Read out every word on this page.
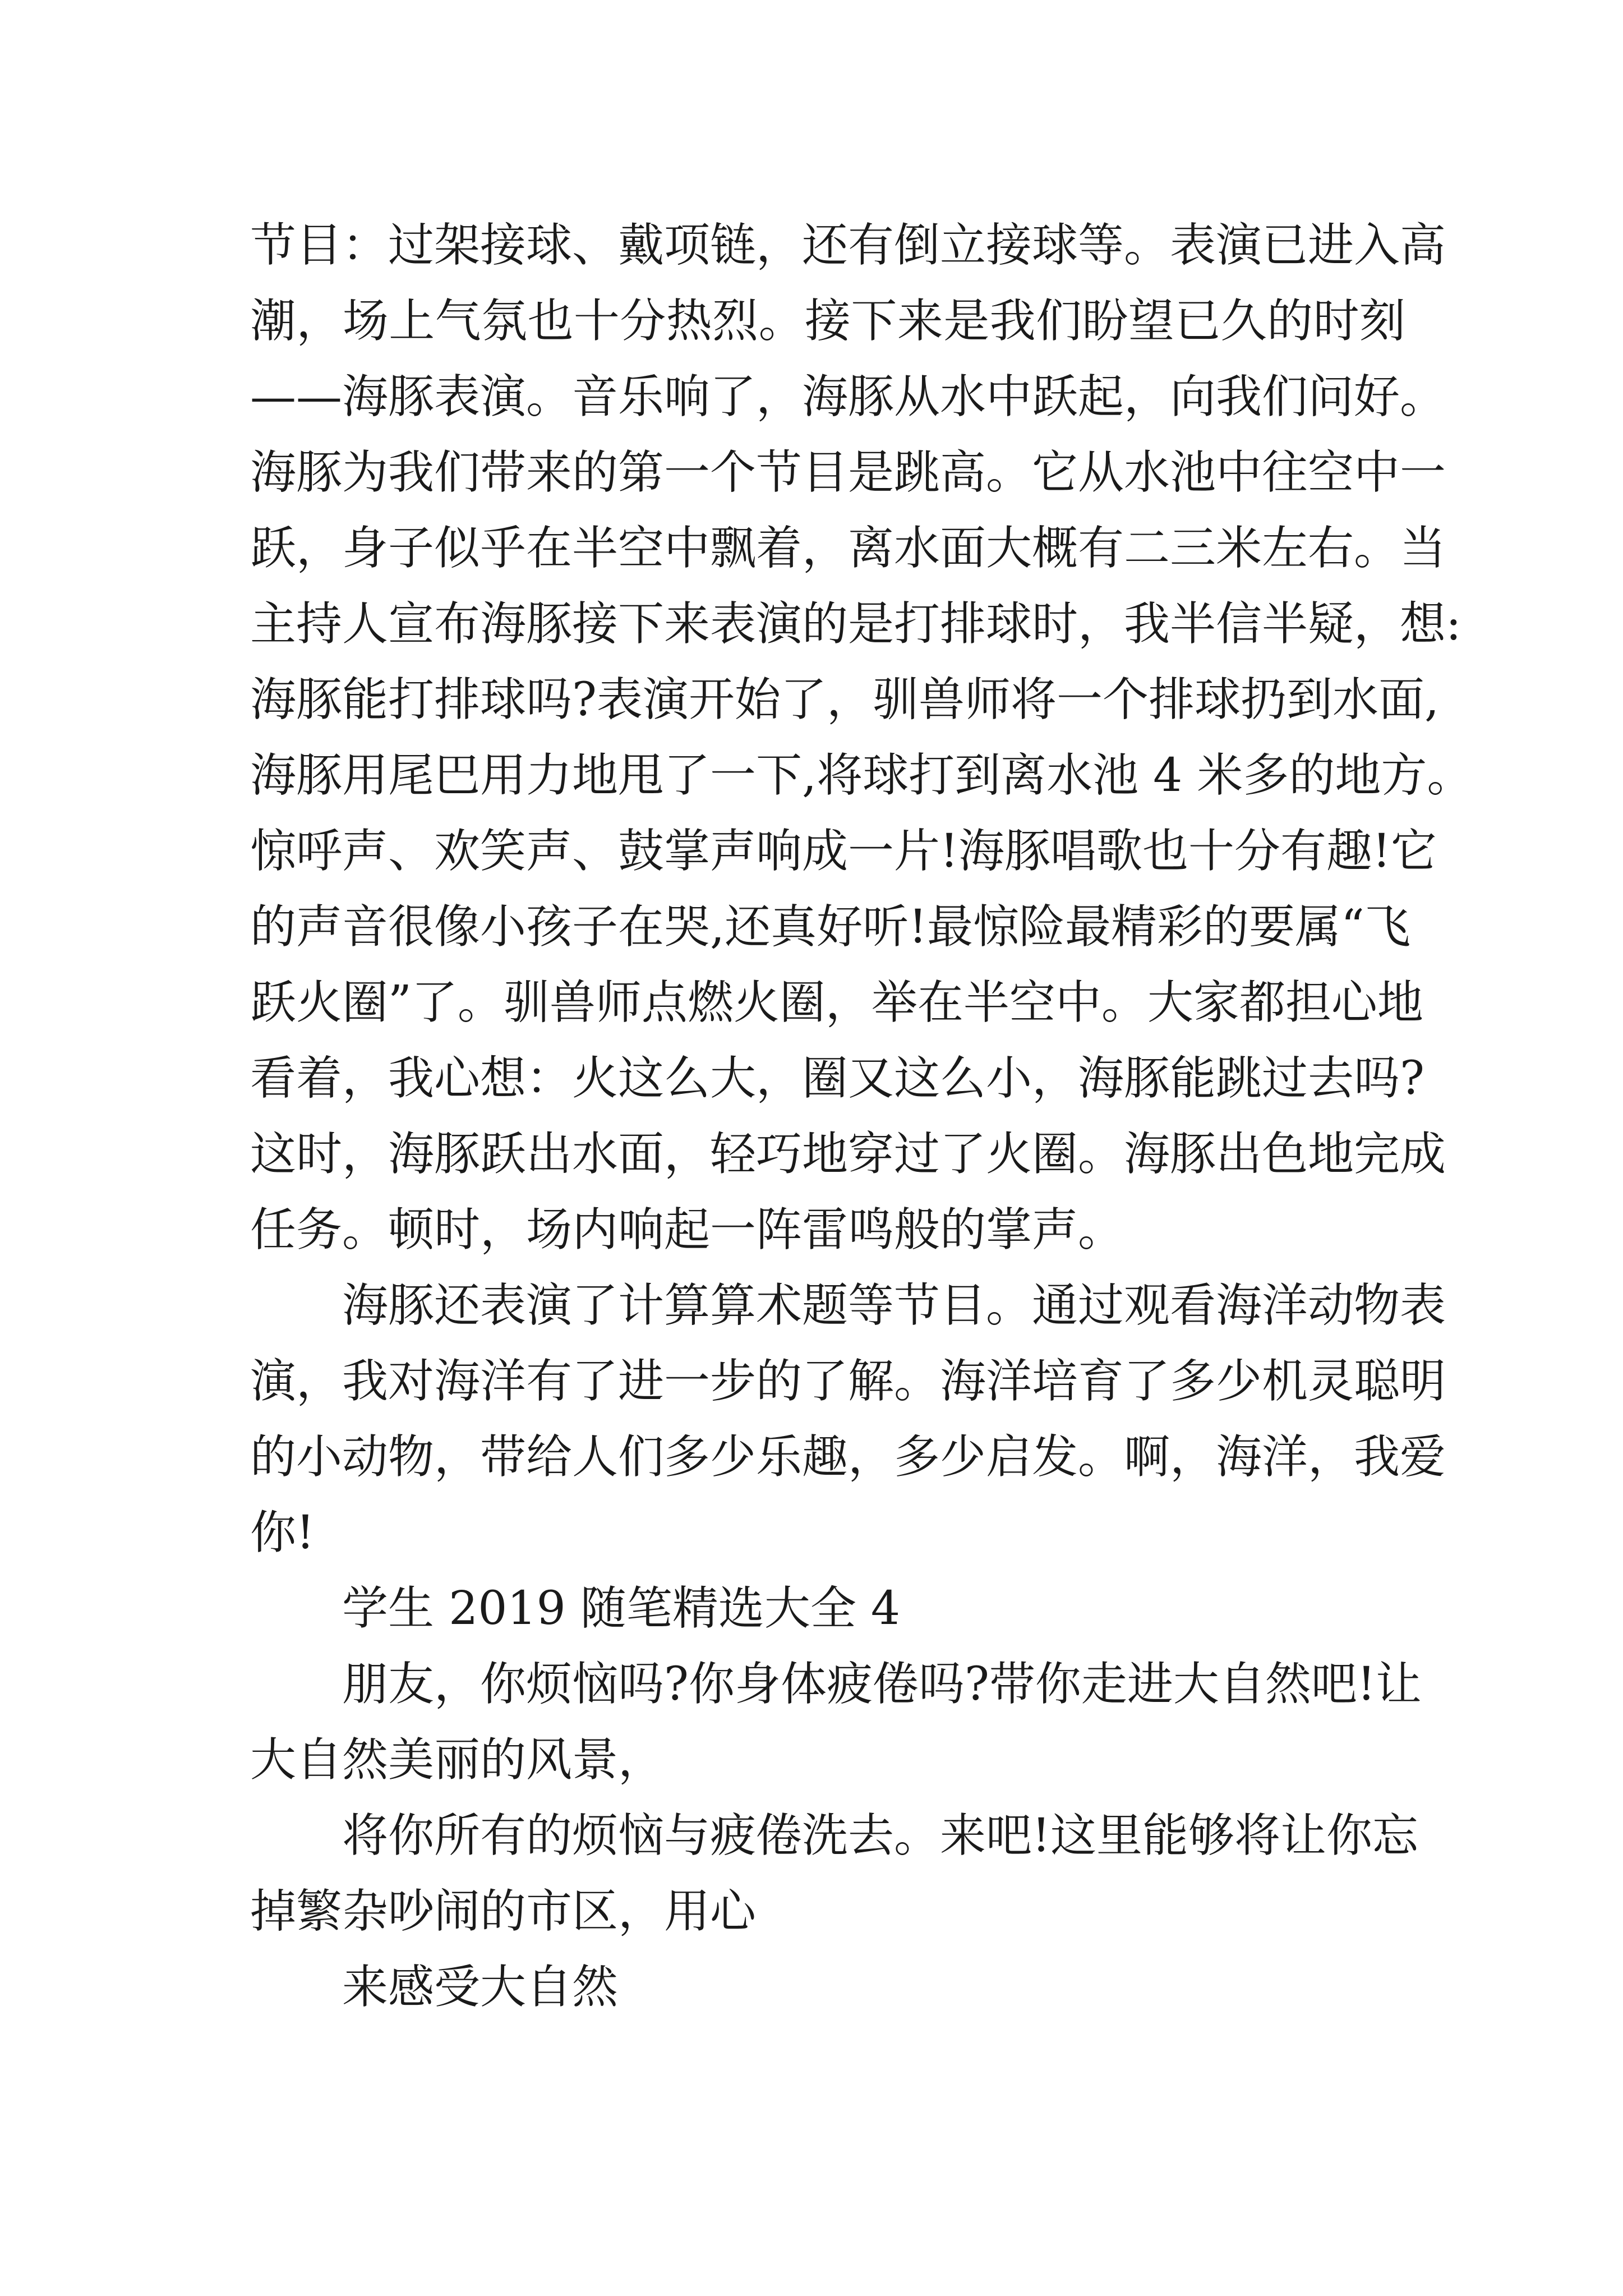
节目：过架接球、戴项链，还有倒立接球等。表演已进入高
潮，场上气氛也十分热烈。接下来是我们盼望已久的时刻
——海豚表演。音乐响了，海豚从水中跃起，向我们问好。
海豚为我们带来的第一个节目是跳高。它从水池中往空中一
跃，身子似乎在半空中飘着，离水面大概有二三米左右。当
主持人宣布海豚接下来表演的是打排球时，我半信半疑，想:
海豚能打排球吗?表演开始了，驯兽师将一个排球扔到水面,
海豚用尾巴用力地甩了一下,将球打到离水池 4 米多的地方。
惊呼声、欢笑声、鼓掌声响成一片!海豚唱歌也十分有趣!它
的声音很像小孩子在哭,还真好听!最惊险最精彩的要属“飞
跃火圈”了。驯兽师点燃火圈，举在半空中。大家都担心地
看着，我心想：火这么大，圈又这么小，海豚能跳过去吗?
这时，海豚跃出水面，轻巧地穿过了火圈。海豚出色地完成
任务。顿时，场内响起一阵雷鸣般的掌声。
海豚还表演了计算算术题等节目。通过观看海洋动物表
演，我对海洋有了进一步的了解。海洋培育了多少机灵聪明
的小动物，带给人们多少乐趣，多少启发。啊，海洋，我爱
你!
学生 2019 随笔精选大全 4
朋友，你烦恼吗?你身体疲倦吗?带你走进大自然吧!让
大自然美丽的风景，
将你所有的烦恼与疲倦洗去。来吧!这里能够将让你忘
掉繁杂吵闹的市区，用心
来感受大自然
